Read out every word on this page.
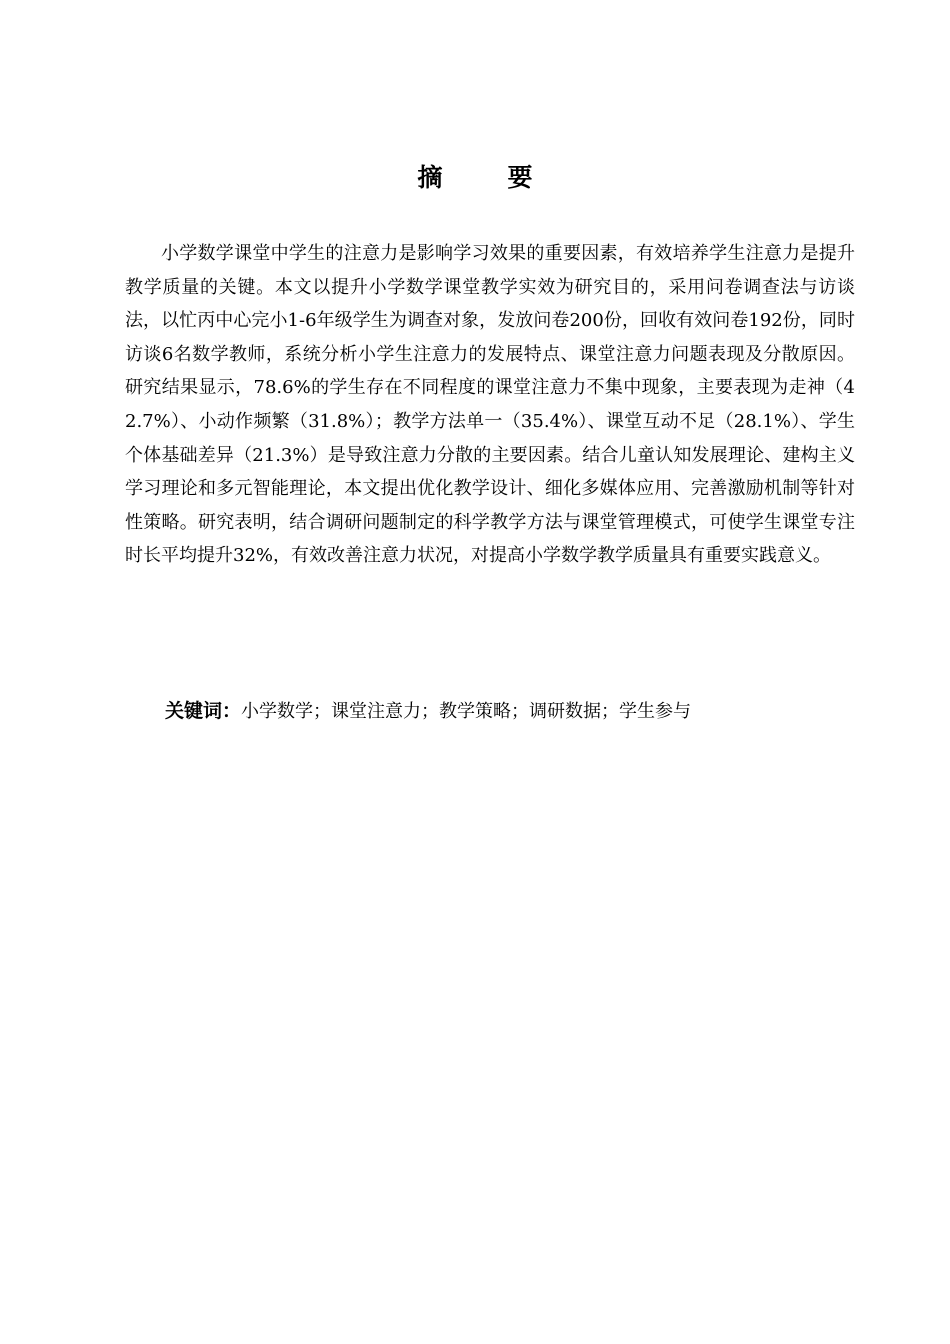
摘　要

小学数学课堂中学生的注意力是影响学习效果的重要因素，有效培养学生注意力是提升教学质量的关键。本文以提升小学数学课堂教学实效为研究目的，采用问卷调查法与访谈法，以忙丙中心完小1-6年级学生为调查对象，发放问卷200份，回收有效问卷192份，同时访谈6名数学教师，系统分析小学生注意力的发展特点、课堂注意力问题表现及分散原因。研究结果显示，78.6%的学生存在不同程度的课堂注意力不集中现象，主要表现为走神（42.7%）、小动作频繁（31.8%）；教学方法单一（35.4%）、课堂互动不足（28.1%）、学生个体基础差异（21.3%）是导致注意力分散的主要因素。结合儿童认知发展理论、建构主义学习理论和多元智能理论，本文提出优化教学设计、细化多媒体应用、完善激励机制等针对性策略。研究表明，结合调研问题制定的科学教学方法与课堂管理模式，可使学生课堂专注时长平均提升32%，有效改善注意力状况，对提高小学数学教学质量具有重要实践意义。

关键词：小学数学；课堂注意力；教学策略；调研数据；学生参与
